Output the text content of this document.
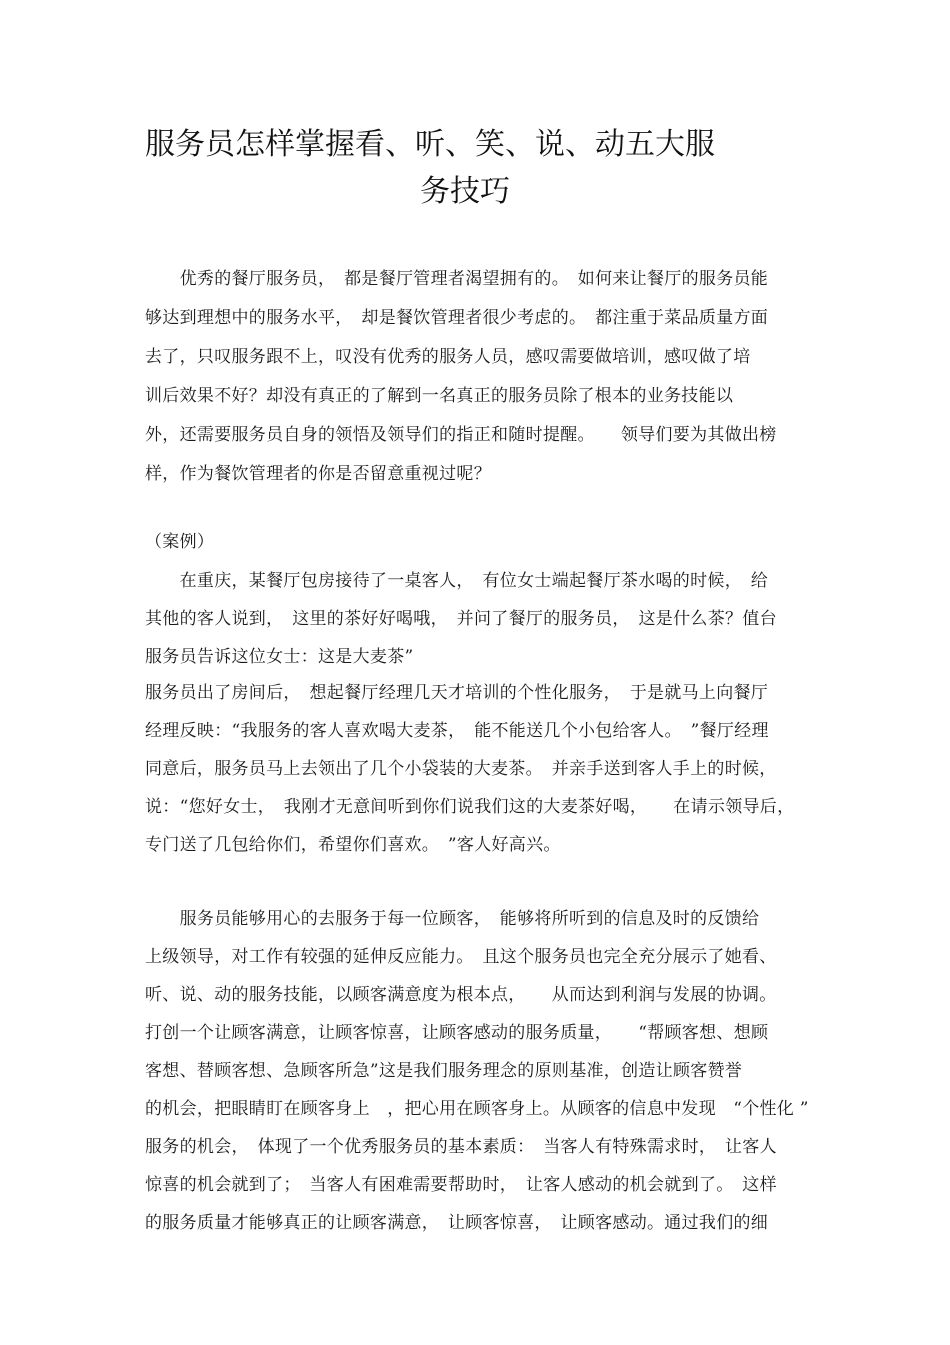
服务员怎样掌握看、听、笑、说、动五大服
务技巧
　　优秀的餐厅服务员，　都是餐厅管理者渴望拥有的。　如何来让餐厅的服务员能
够达到理想中的服务水平，　却是餐饮管理者很少考虑的。　都注重于菜品质量方面
去了，只叹服务跟不上，叹没有优秀的服务人员，感叹需要做培训，感叹做了培
训后效果不好？却没有真正的了解到一名真正的服务员除了根本的业务技能以
外，还需要服务员自身的领悟及领导们的指正和随时提醒。　　领导们要为其做出榜
样，作为餐饮管理者的你是否留意重视过呢？
（案例）
　　在重庆，某餐厅包房接待了一桌客人，　有位女士端起餐厅茶水喝的时候，　给
其他的客人说到，　这里的茶好好喝哦，　并问了餐厅的服务员，　这是什么茶？值台
服务员告诉这位女士：这是大麦茶”
服务员出了房间后，　想起餐厅经理几天才培训的个性化服务，　于是就马上向餐厅
经理反映：“我服务的客人喜欢喝大麦茶，　能不能送几个小包给客人。　”餐厅经理
同意后，服务员马上去领出了几个小袋装的大麦茶。　并亲手送到客人手上的时候，
说：“您好女士，　我刚才无意间听到你们说我们这的大麦茶好喝，　　在请示领导后，
专门送了几包给你们，希望你们喜欢。　”客人好高兴。
　　服务员能够用心的去服务于每一位顾客，　能够将所听到的信息及时的反馈给
上级领导，对工作有较强的延伸反应能力。　且这个服务员也完全充分展示了她看、
听、说、动的服务技能，以顾客满意度为根本点，　　从而达到利润与发展的协调。
打创一个让顾客满意，让顾客惊喜，让顾客感动的服务质量，　　“帮顾客想、想顾
客想、替顾客想、急顾客所急”这是我们服务理念的原则基准，创造让顾客赞誉
的机会，把眼睛盯在顾客身上　，把心用在顾客身上。从顾客的信息中发现　“个性化 ”
服务的机会，　体现了一个优秀服务员的基本素质：　当客人有特殊需求时，　让客人
惊喜的机会就到了；　当客人有困难需要帮助时，　让客人感动的机会就到了。　这样
的服务质量才能够真正的让顾客满意，　让顾客惊喜，　让顾客感动。通过我们的细
